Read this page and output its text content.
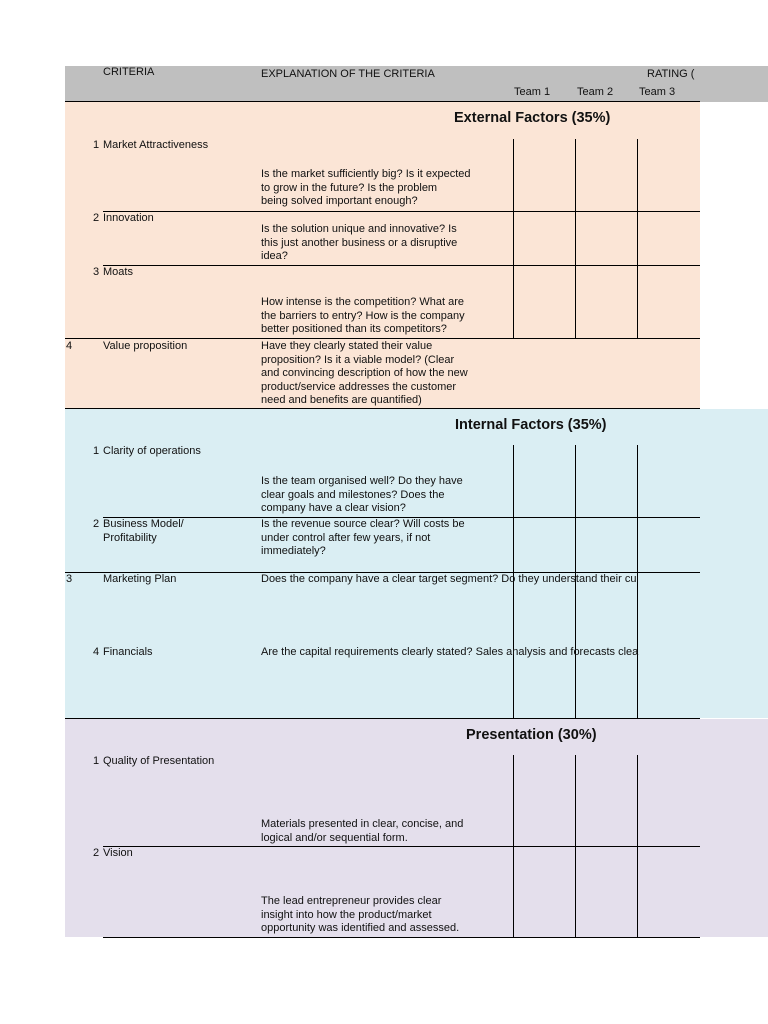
CRITERIA	EXPLANATION OF THE CRITERIA	RATING (
Team 1 Team 2 Team 3
External Factors (35%)
1 Market Attractiveness
Is the market sufficiently big? Is it expected
to grow in the future? Is the problem
being solved important enough?
2 Innovation
Is the solution unique and innovative? Is
this just another business or a disruptive
idea?
3 Moats
How intense is the competition? What are
the barriers to entry? How is the company
better positioned than its competitors?
4	Value proposition	Have they clearly stated their value
proposition? Is it a viable model? (Clear
and convincing description of how the new
product/service addresses the customer
need and benefits are quantified)
Internal Factors (35%)
1 Clarity of operations
Is the team organised well? Do they have
clear goals and milestones? Does the
company have a clear vision?
2 Business Model/
Profitability
Is the revenue source clear? Will costs be
under control after few years, if not
immediately?
3	Marketing Plan	Does the company have a clear target segment? Do they understand their cu
4 Financials	Are the capital requirements clearly stated? Sales analysis and forecasts clea
Presentation (30%)
1 Quality of Presentation
Materials presented in clear, concise, and
logical and/or sequential form.
2 Vision
The lead entrepreneur provides clear
insight into how the product/market
opportunity was identified and assessed.
